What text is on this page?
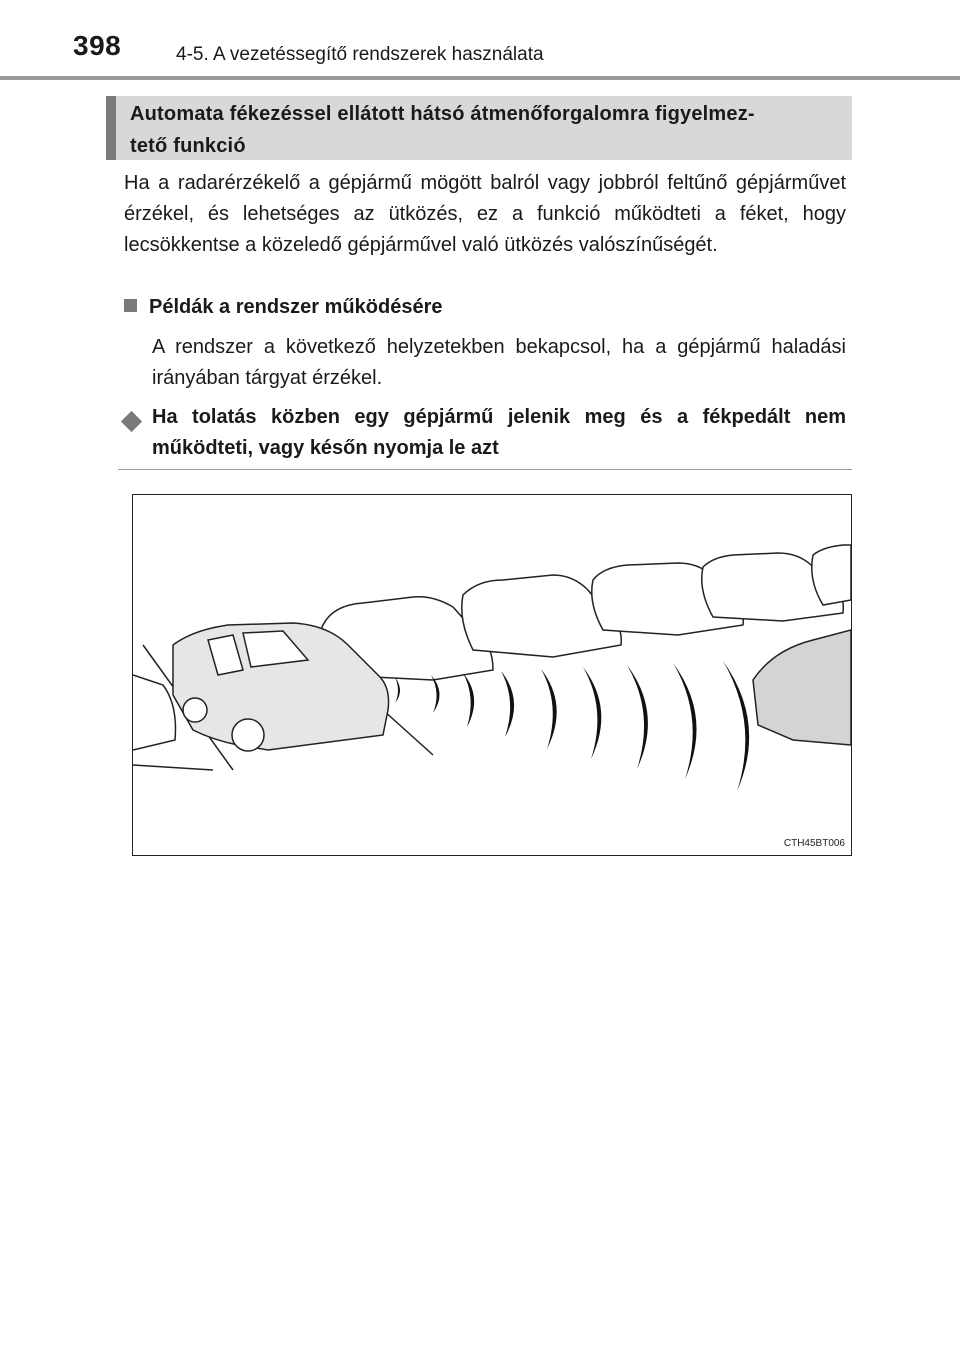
398	4-5. A vezetéssegítő rendszerek használata
Automata fékezéssel ellátott hátsó átmenőforgalomra figyelmez-
tető funkció

Ha a radarérzékelő a gépjármű mögött balról vagy jobbról feltűnő gépjárművet érzékel, és lehetséges az ütközés, ez a funkció működteti a féket, hogy lecsökkentse a közeledő gépjárművel való ütközés valószínűségét.

Példák a rendszer működésére

A rendszer a következő helyzetekben bekapcsol, ha a gépjármű haladási irányában tárgyat érzékel.

Ha tolatás közben egy gépjármű jelenik meg és a fékpedált nem működteti, vagy későn nyomja le azt

CTH45BT006
